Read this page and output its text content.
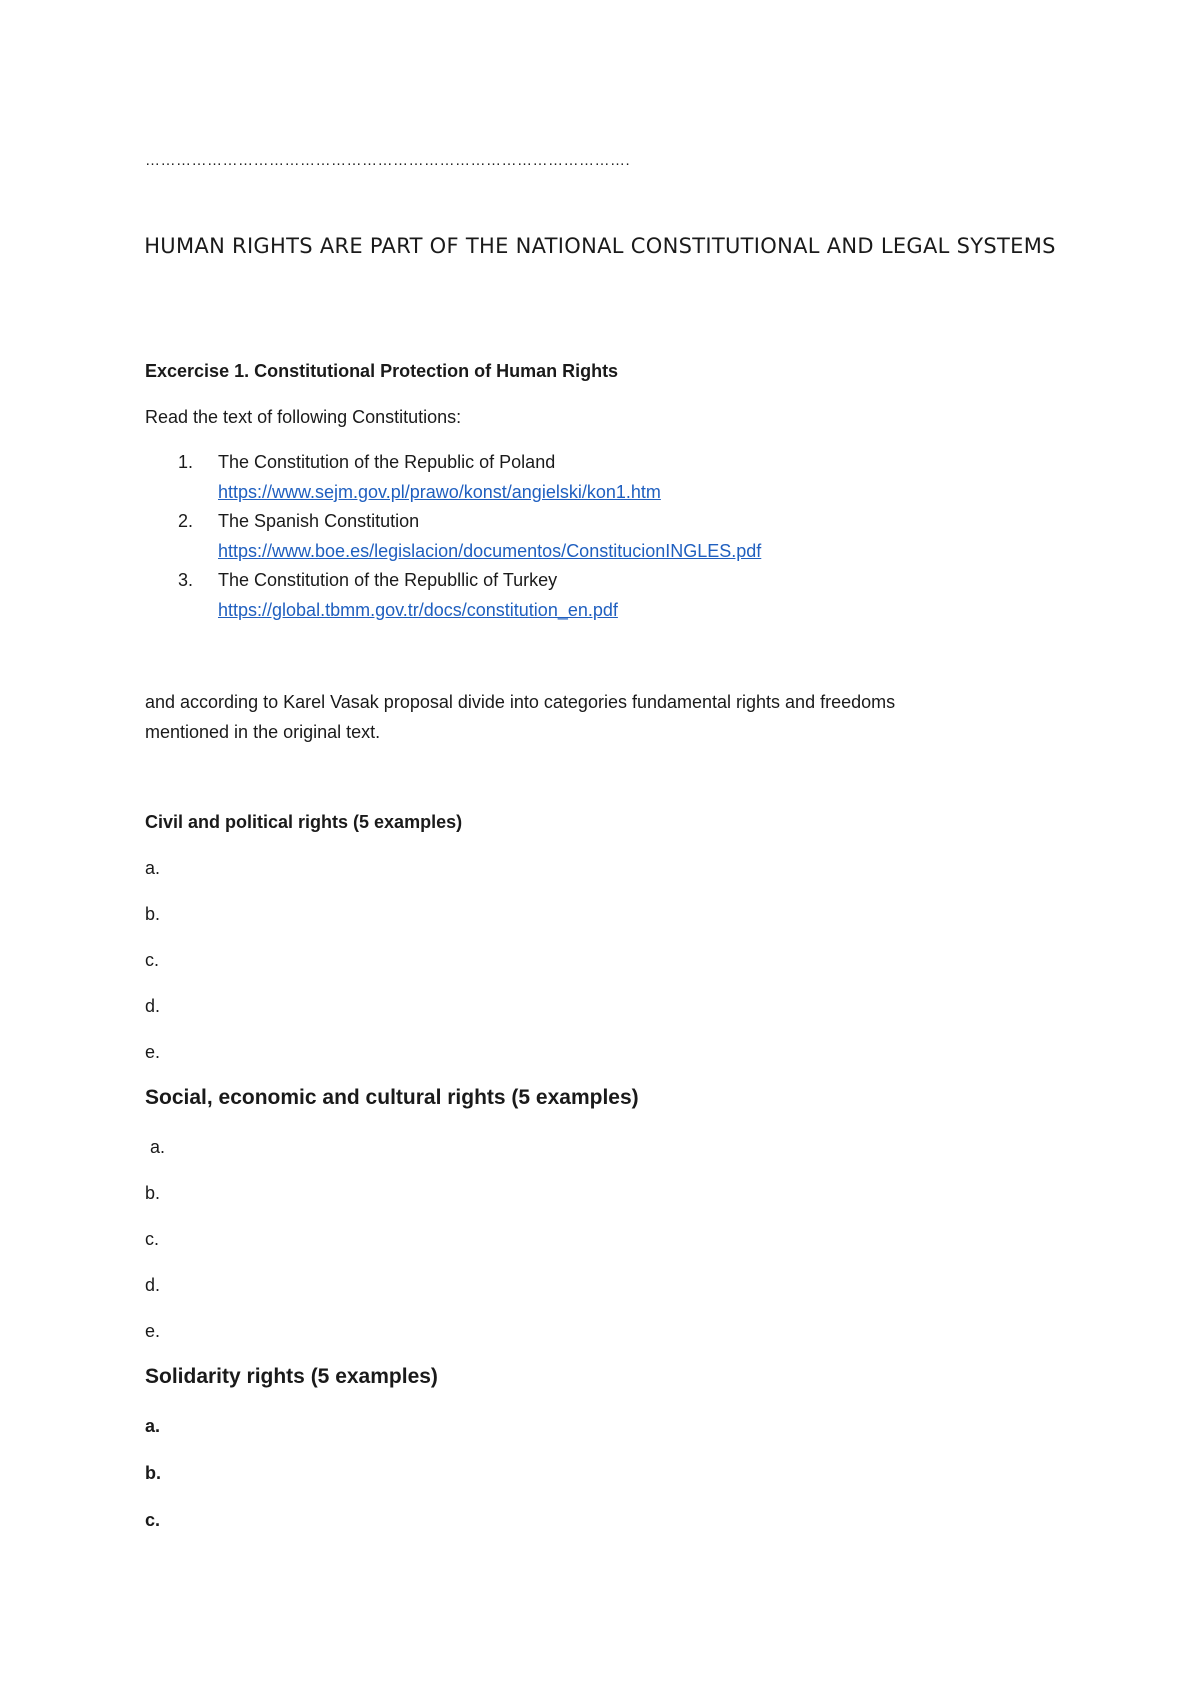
………………………………………………………………………………….
HUMAN RIGHTS ARE PART OF THE NATIONAL CONSTITUTIONAL AND LEGAL SYSTEMS
Excercise 1. Constitutional Protection of Human Rights
Read the text of following Constitutions:
1. The Constitution of the Republic of Poland
https://www.sejm.gov.pl/prawo/konst/angielski/kon1.htm
2. The Spanish Constitution
https://www.boe.es/legislacion/documentos/ConstitucionINGLES.pdf
3. The Constitution of the Republlic of Turkey
https://global.tbmm.gov.tr/docs/constitution_en.pdf
and according to Karel Vasak proposal divide into categories fundamental rights and freedoms
mentioned in the original text.
Civil and political rights (5 examples)
a.
b.
c.
d.
e.
Social, economic and cultural rights (5 examples)
a.
b.
c.
d.
e.
Solidarity rights (5 examples)
a.
b.
c.
